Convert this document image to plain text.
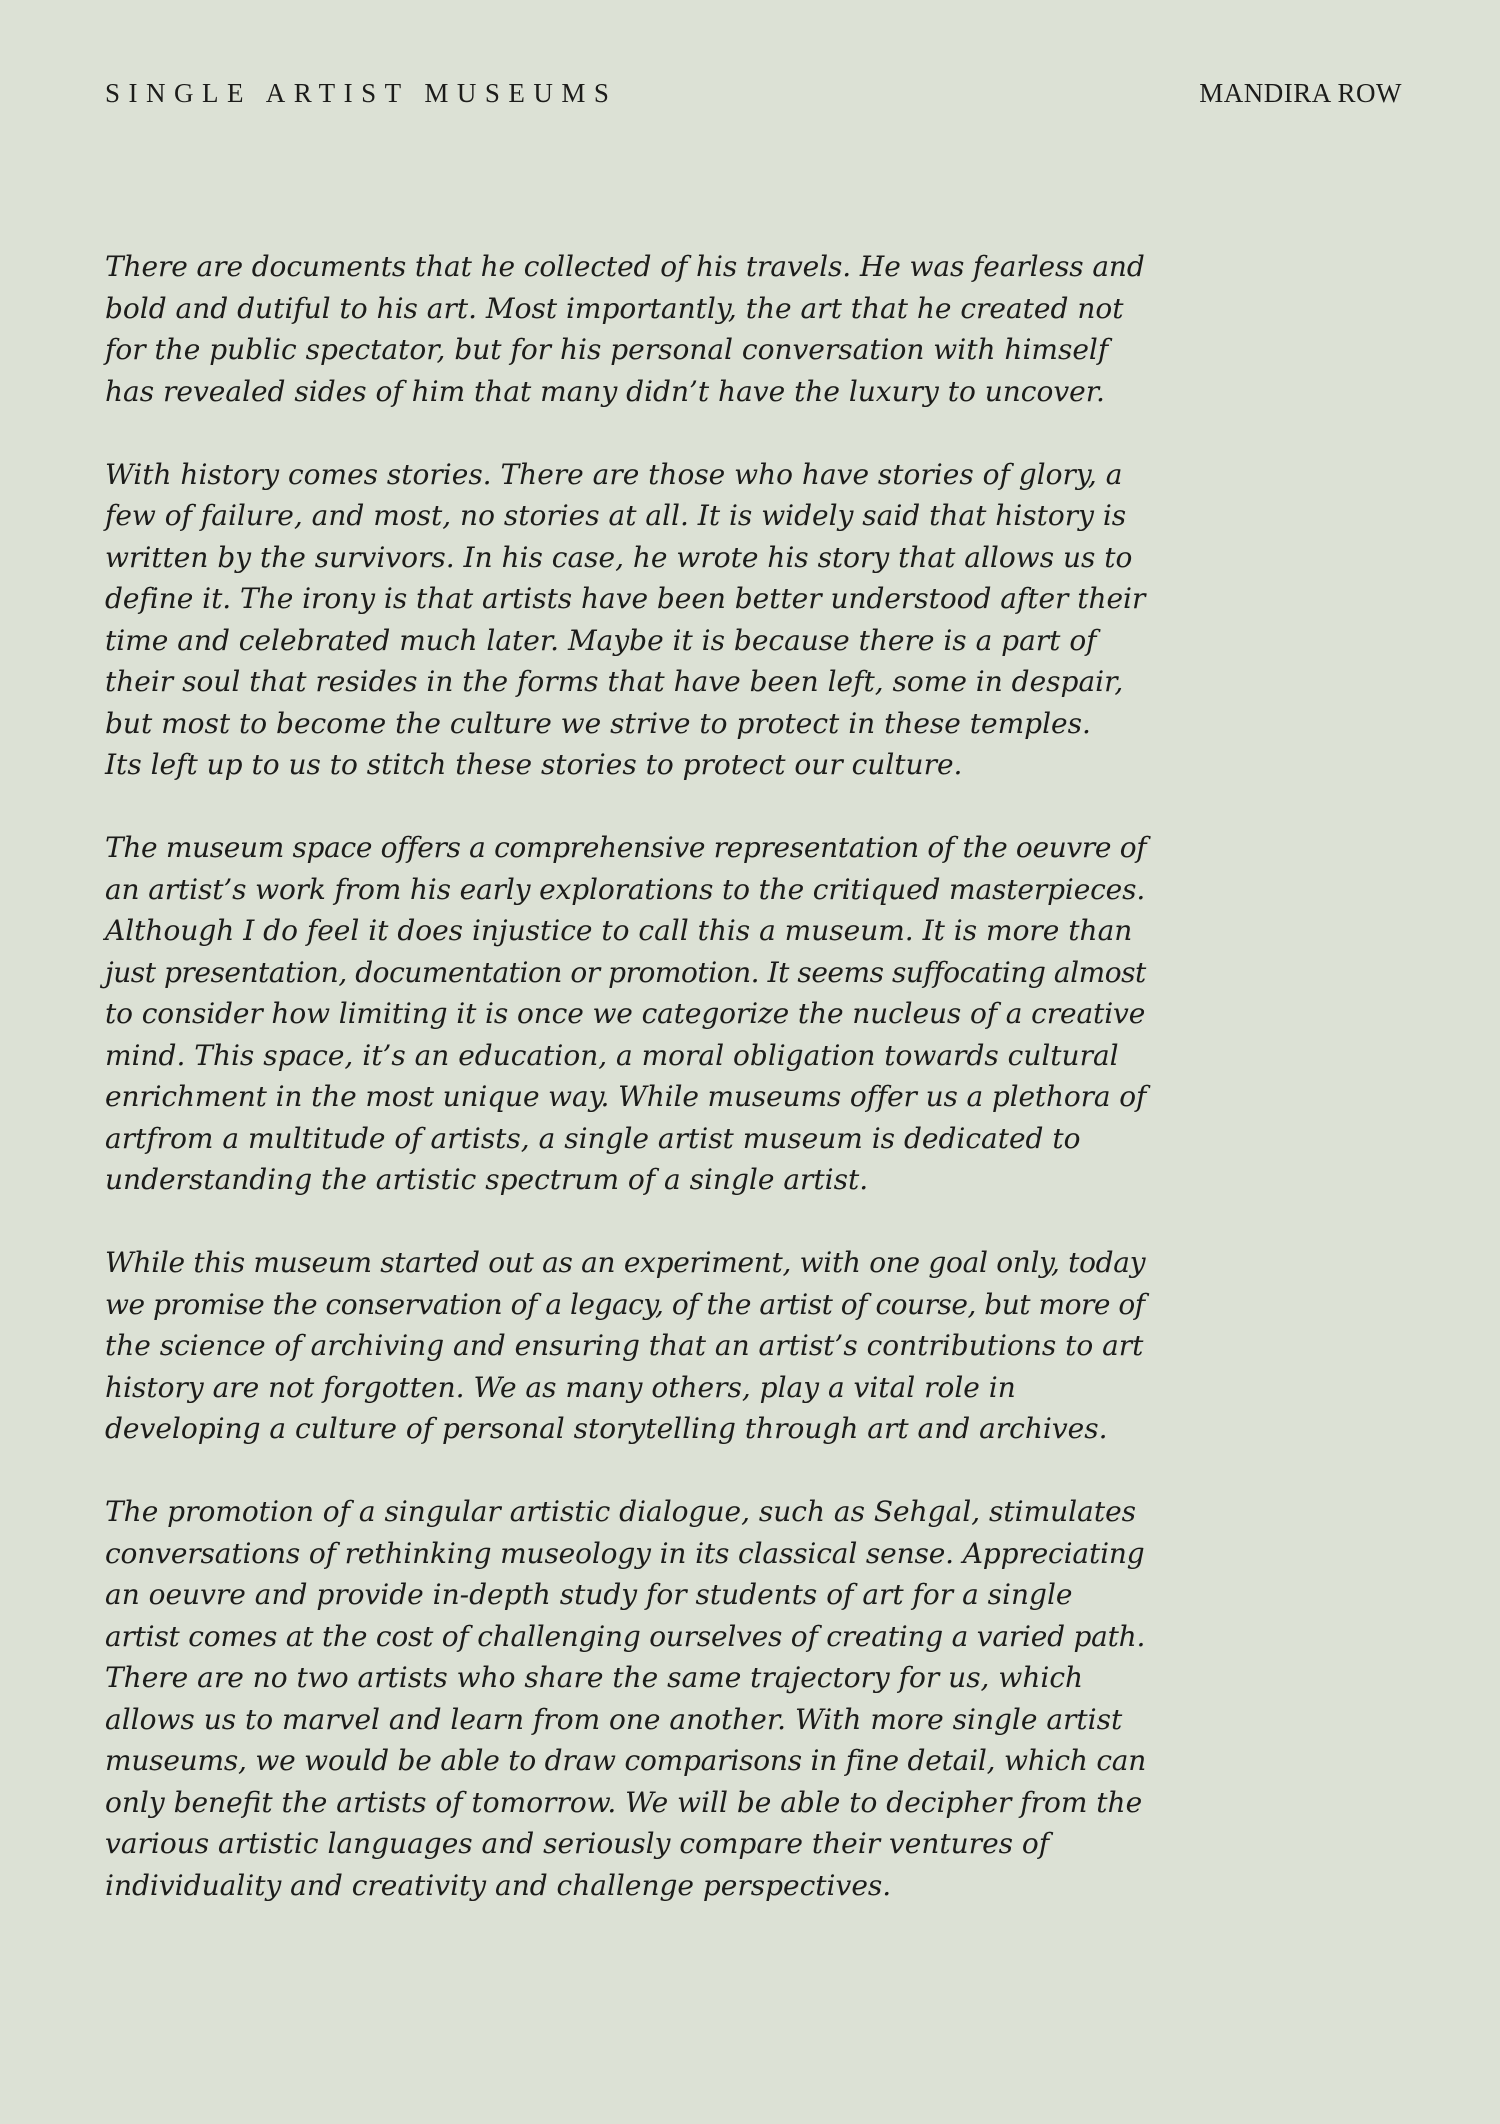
SINGLE ARTIST MUSEUMS	MANDIRA ROW

There are documents that he collected of his travels. He was fearless and
bold and dutiful to his art. Most importantly, the art that he created not
for the public spectator, but for his personal conversation with himself
has revealed sides of him that many didn’t have the luxury to uncover.

With history comes stories. There are those who have stories of glory, a
few of failure, and most, no stories at all. It is widely said that history is
written by the survivors. In his case, he wrote his story that allows us to
define it. The irony is that artists have been better understood after their
time and celebrated much later. Maybe it is because there is a part of
their soul that resides in the forms that have been left, some in despair,
but most to become the culture we strive to protect in these temples.
Its left up to us to stitch these stories to protect our culture.

The museum space offers a comprehensive representation of the oeuvre of
an artist’s work from his early explorations to the critiqued masterpieces.
Although I do feel it does injustice to call this a museum. It is more than
just presentation, documentation or promotion. It seems suffocating almost
to consider how limiting it is once we categorize the nucleus of a creative
mind. This space, it’s an education, a moral obligation towards cultural
enrichment in the most unique way. While museums offer us a plethora of
artfrom a multitude of artists, a single artist museum is dedicated to
understanding the artistic spectrum of a single artist.

While this museum started out as an experiment, with one goal only, today
we promise the conservation of a legacy, of the artist of course, but more of
the science of archiving and ensuring that an artist’s contributions to art
history are not forgotten. We as many others, play a vital role in
developing a culture of personal storytelling through art and archives.

The promotion of a singular artistic dialogue, such as Sehgal, stimulates
conversations of rethinking museology in its classical sense. Appreciating
an oeuvre and provide in-depth study for students of art for a single
artist comes at the cost of challenging ourselves of creating a varied path.
There are no two artists who share the same trajectory for us, which
allows us to marvel and learn from one another. With more single artist
museums, we would be able to draw comparisons in fine detail, which can
only benefit the artists of tomorrow. We will be able to decipher from the
various artistic languages and seriously compare their ventures of
individuality and creativity and challenge perspectives.
